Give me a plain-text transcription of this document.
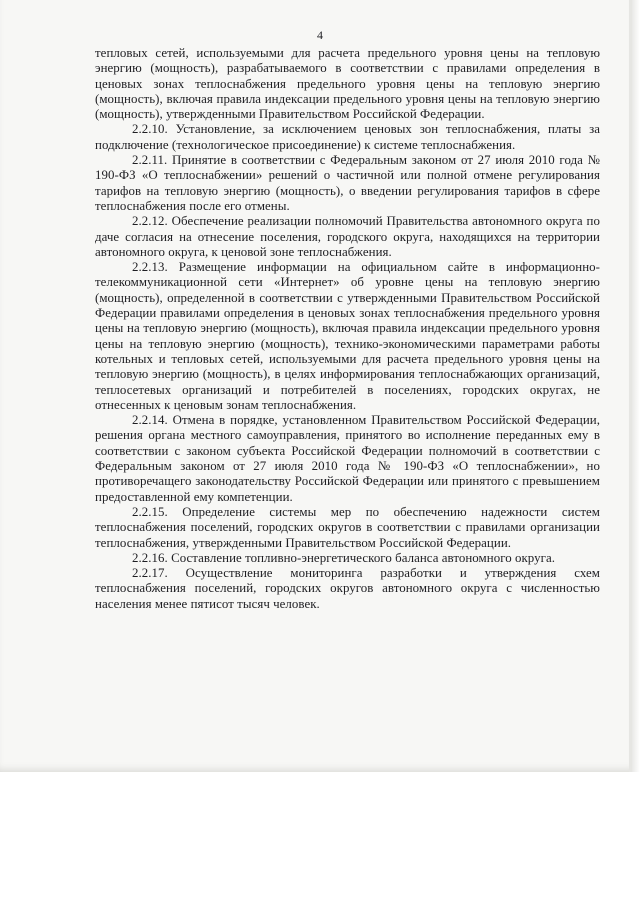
4

тепловых сетей, используемыми для расчета предельного уровня цены на тепловую энергию (мощность), разрабатываемого в соответствии с правилами определения в ценовых зонах теплоснабжения предельного уровня цены на тепловую энергию (мощность), включая правила индексации предельного уровня цены на тепловую энергию (мощность), утвержденными Правительством Российской Федерации.

2.2.10. Установление, за исключением ценовых зон теплоснабжения, платы за подключение (технологическое присоединение) к системе теплоснабжения.

2.2.11. Принятие в соответствии с Федеральным законом от 27 июля 2010 года № 190-ФЗ «О теплоснабжении» решений о частичной или полной отмене регулирования тарифов на тепловую энергию (мощность), о введении регулирования тарифов в сфере теплоснабжения после его отмены.

2.2.12. Обеспечение реализации полномочий Правительства автономного округа по даче согласия на отнесение поселения, городского округа, находящихся на территории автономного округа, к ценовой зоне теплоснабжения.

2.2.13. Размещение информации на официальном сайте в информационно-телекоммуникационной сети «Интернет» об уровне цены на тепловую энергию (мощность), определенной в соответствии с утвержденными Правительством Российской Федерации правилами определения в ценовых зонах теплоснабжения предельного уровня цены на тепловую энергию (мощность), включая правила индексации предельного уровня цены на тепловую энергию (мощность), технико-экономическими параметрами работы котельных и тепловых сетей, используемыми для расчета предельного уровня цены на тепловую энергию (мощность), в целях информирования теплоснабжающих организаций, теплосетевых организаций и потребителей в поселениях, городских округах, не отнесенных к ценовым зонам теплоснабжения.

2.2.14. Отмена в порядке, установленном Правительством Российской Федерации, решения органа местного самоуправления, принятого во исполнение переданных ему в соответствии с законом субъекта Российской Федерации полномочий в соответствии с Федеральным законом от 27 июля 2010 года № 190-ФЗ «О теплоснабжении», но противоречащего законодательству Российской Федерации или принятого с превышением предоставленной ему компетенции.

2.2.15. Определение системы мер по обеспечению надежности систем теплоснабжения поселений, городских округов в соответствии с правилами организации теплоснабжения, утвержденными Правительством Российской Федерации.

2.2.16. Составление топливно-энергетического баланса автономного округа.

2.2.17. Осуществление мониторинга разработки и утверждения схем теплоснабжения поселений, городских округов автономного округа с численностью населения менее пятисот тысяч человек.
